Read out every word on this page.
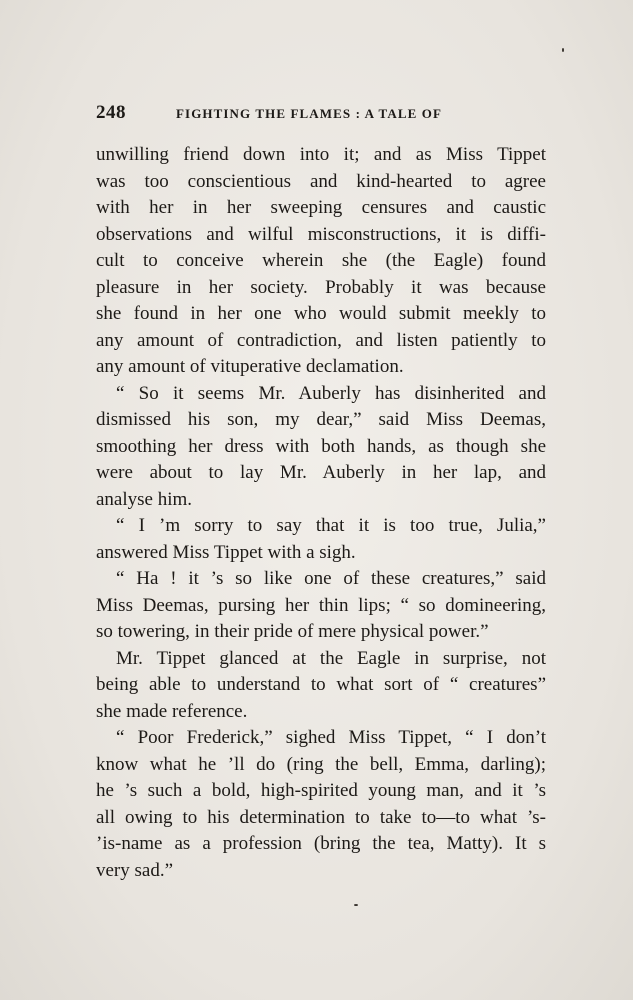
248	FIGHTING THE FLAMES : A TALE OF
unwilling friend down into it; and as Miss Tippet
was too conscientious and kind-hearted to agree
with her in her sweeping censures and caustic
observations and wilful misconstructions, it is diffi-
cult to conceive wherein she (the Eagle) found
pleasure in her society. Probably it was because
she found in her one who would submit meekly to
any amount of contradiction, and listen patiently to
any amount of vituperative declamation.
“ So it seems Mr. Auberly has disinherited and
dismissed his son, my dear,” said Miss Deemas,
smoothing her dress with both hands, as though she
were about to lay Mr. Auberly in her lap, and
analyse him.
“ I ’m sorry to say that it is too true, Julia,”
answered Miss Tippet with a sigh.
“ Ha ! it ’s so like one of these creatures,” said
Miss Deemas, pursing her thin lips; “ so domineering,
so towering, in their pride of mere physical power.”
Mr. Tippet glanced at the Eagle in surprise, not
being able to understand to what sort of “ creatures”
she made reference.
“ Poor Frederick,” sighed Miss Tippet, “ I don’t
know what he ’ll do (ring the bell, Emma, darling);
he ’s such a bold, high-spirited young man, and it ’s
all owing to his determination to take to—to what ’s-
’is-name as a profession (bring the tea, Matty). It s
very sad.”
